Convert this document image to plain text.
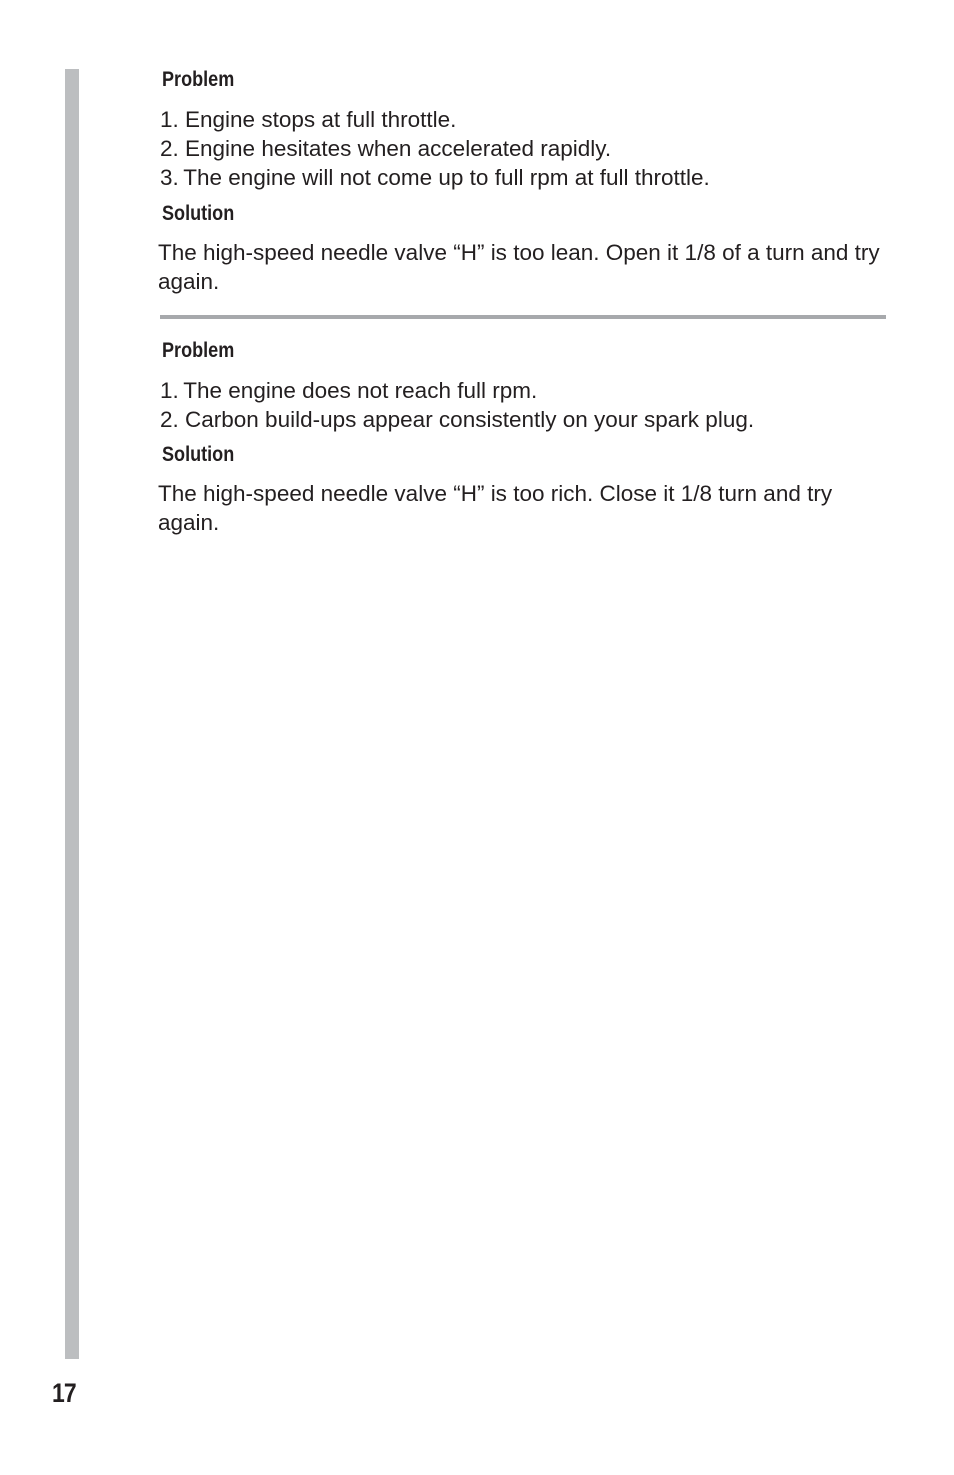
Problem
1. Engine stops at full throttle.
2. Engine hesitates when accelerated rapidly.
3. The engine will not come up to full rpm at full throttle.
Solution

The high-speed needle valve “H” is too lean. Open it 1/8 of a turn and try again.

Problem
1. The engine does not reach full rpm.
2. Carbon build-ups appear consistently on your spark plug.
Solution

The high-speed needle valve “H” is too rich. Close it 1/8 turn and try again.

17
